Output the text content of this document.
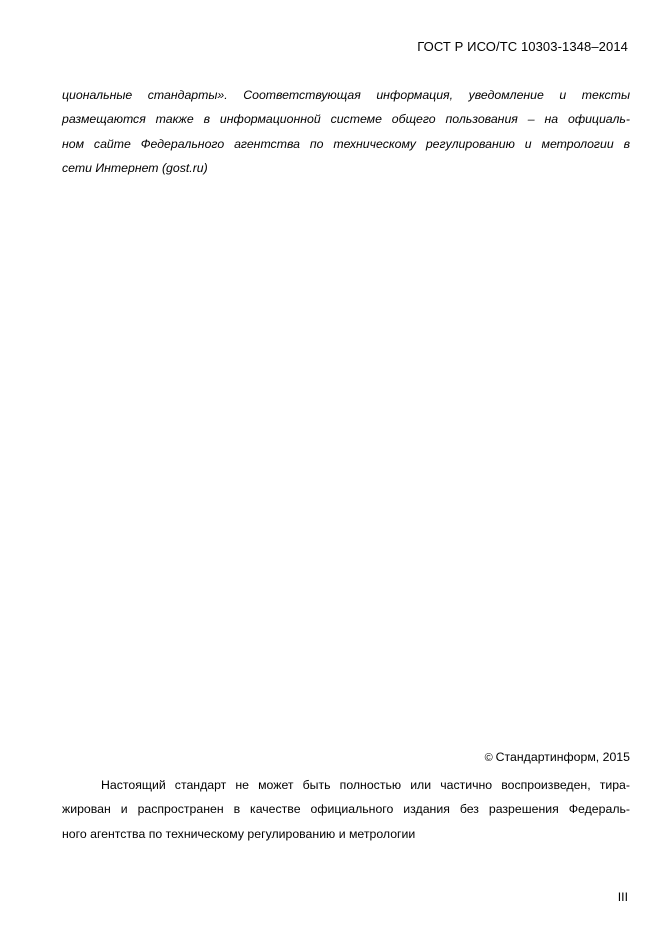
ГОСТ Р ИСО/ТС 10303-1348–2014
циональные стандарты». Соответствующая информация, уведомление и тексты
размещаются также в информационной системе общего пользования – на официаль-
ном сайте Федерального агентства по техническому регулированию и метрологии в
сети Интернет (gost.ru)
© Стандартинформ, 2015
Настоящий стандарт не может быть полностью или частично воспроизведен, тира-
жирован и распространен в качестве официального издания без разрешения Федераль-
ного агентства по техническому регулированию и метрологии
III
